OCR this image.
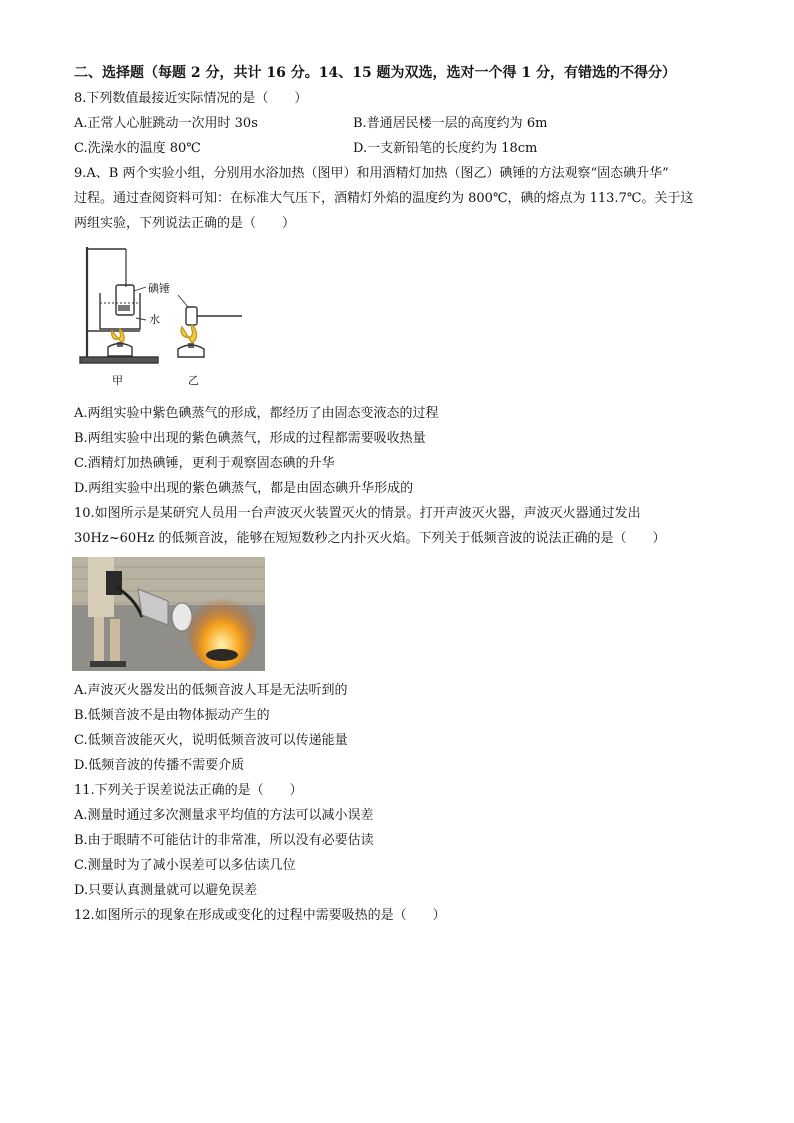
二、选择题（每题 2 分，共计 16 分。14、15 题为双选，选对一个得 1 分，有错选的不得分）
8.下列数值最接近实际情况的是（　　）
A.正常人心脏跳动一次用时 30s	B.普通居民楼一层的高度约为 6m
C.洗澡水的温度 80℃	D.一支新铅笔的长度约为 18cm
9.A、B 两个实验小组，分别用水浴加热（图甲）和用酒精灯加热（图乙）碘锤的方法观察“固态碘升华”
过程。通过查阅资料可知：在标准大气压下，酒精灯外焰的温度约为 800℃，碘的熔点为 113.7℃。关于这
两组实验，下列说法正确的是（　　）
碘锤
水
甲	乙
A.两组实验中紫色碘蒸气的形成，都经历了由固态变液态的过程
B.两组实验中出现的紫色碘蒸气，形成的过程都需要吸收热量
C.酒精灯加热碘锤，更利于观察固态碘的升华
D.两组实验中出现的紫色碘蒸气，都是由固态碘升华形成的
10.如图所示是某研究人员用一台声波灭火装置灭火的情景。打开声波灭火器，声波灭火器通过发出
30Hz~60Hz 的低频音波，能够在短短数秒之内扑灭火焰。下列关于低频音波的说法正确的是（　　）
A.声波灭火器发出的低频音波人耳是无法听到的
B.低频音波不是由物体振动产生的
C.低频音波能灭火，说明低频音波可以传递能量
D.低频音波的传播不需要介质
11.下列关于误差说法正确的是（　　）
A.测量时通过多次测量求平均值的方法可以减小误差
B.由于眼睛不可能估计的非常准，所以没有必要估读
C.测量时为了减小误差可以多估读几位
D.只要认真测量就可以避免误差
12.如图所示的现象在形成或变化的过程中需要吸热的是（　　）
